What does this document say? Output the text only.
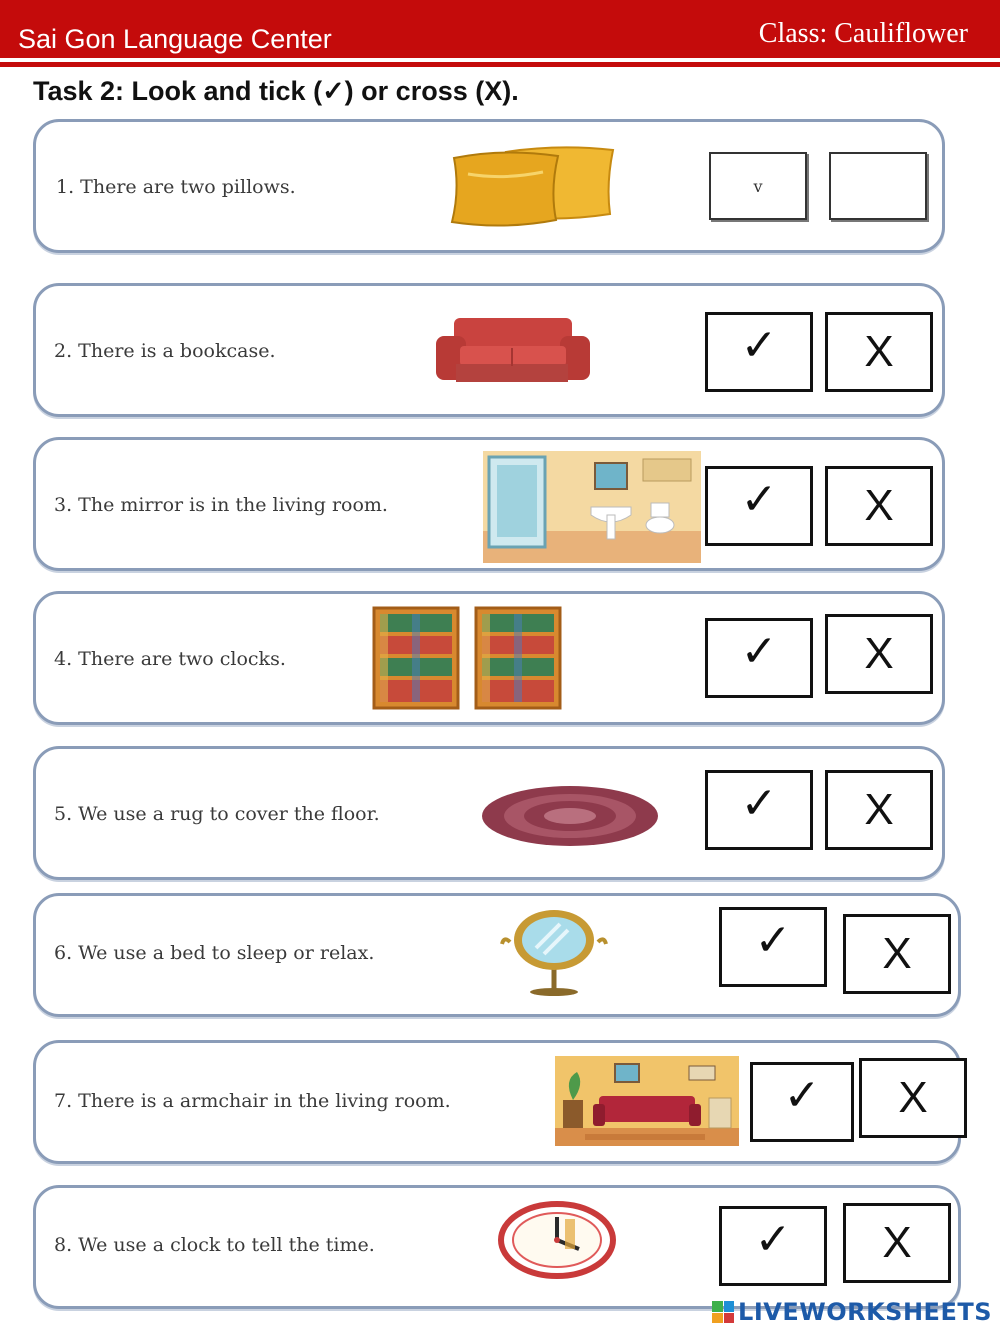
Sai Gon Language Center	Class: Cauliflower
Task 2: Look and tick (✓) or cross (X).
1. There are two pillows.	v
2. There is a bookcase.	✓ X
3. The mirror is in the living room.	✓ X
4. There are two clocks.	✓ X
5. We use a rug to cover the floor.	✓ X
6. We use a bed to sleep or relax.	✓ X
7. There is a armchair in the living room.	✓ X
8. We use a clock to tell the time.	✓ X
LIVEWORKSHEETS
